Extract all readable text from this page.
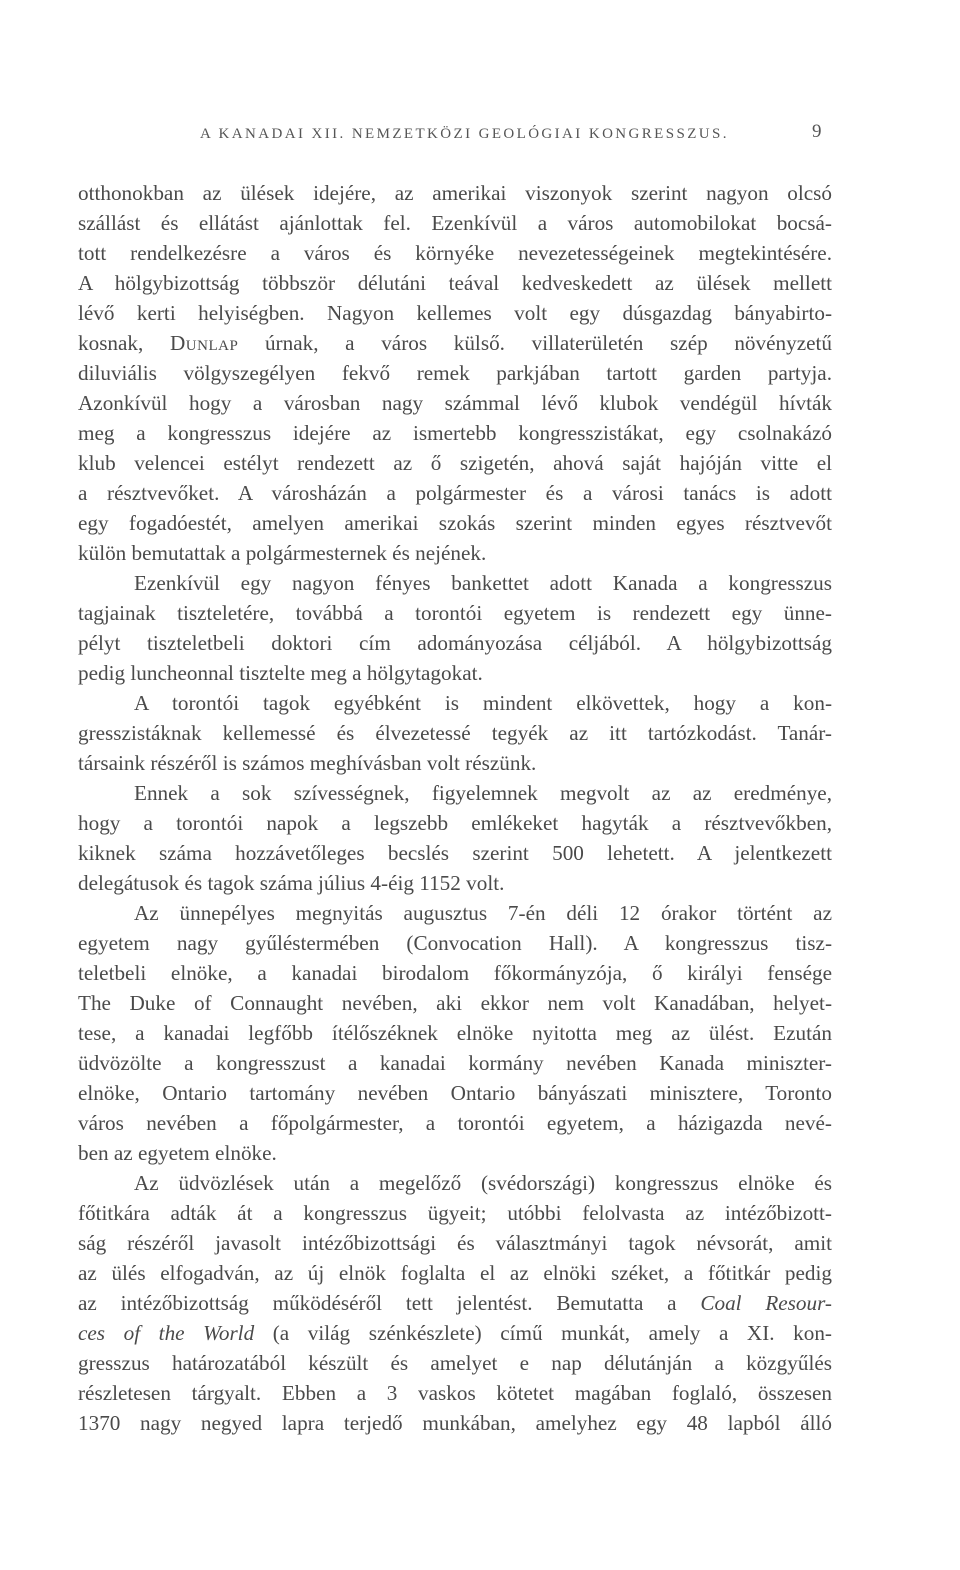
A KANADAI XII. NEMZETKÖZI GEOLÓGIAI KONGRESSZUS.	9
otthonokban az ülések idejére, az amerikai viszonyok szerint nagyon olcsó
szállást és ellátást ajánlottak fel. Ezenkívül a város automobilokat bocsá-
tott rendelkezésre a város és környéke nevezetességeinek megtekintésére.
A hölgybizottság többször délutáni teával kedveskedett az ülések mellett
lévő kerti helyiségben. Nagyon kellemes volt egy dúsgazdag bányabirto-
kosnak, Dunlap úrnak, a város külső. villaterületén szép növényzetű
diluviális völgyszegélyen fekvő remek parkjában tartott garden partyja.
Azonkívül hogy a városban nagy számmal lévő klubok vendégül hívták
meg a kongresszus idejére az ismertebb kongresszistákat, egy csolnakázó
klub velencei estélyt rendezett az ő szigetén, ahová saját hajóján vitte el
a résztvevőket. A városházán a polgármester és a városi tanács is adott
egy fogadóestét, amelyen amerikai szokás szerint minden egyes résztvevőt
külön bemutattak a polgármesternek és nejének.
Ezenkívül egy nagyon fényes bankettet adott Kanada a kongresszus
tagjainak tiszteletére, továbbá a torontói egyetem is rendezett egy ünne-
pélyt tiszteletbeli doktori cím adományozása céljából. A hölgybizottság
pedig luncheonnal tisztelte meg a hölgytagokat.
A torontói tagok egyébként is mindent elkövettek, hogy a kon-
gresszistáknak kellemessé és élvezetessé tegyék az itt tartózkodást. Tanár-
társaink részéről is számos meghívásban volt részünk.
Ennek a sok szívességnek, figyelemnek megvolt az az eredménye,
hogy a torontói napok a legszebb emlékeket hagyták a résztvevőkben,
kiknek száma hozzávetőleges becslés szerint 500 lehetett. A jelentkezett
delegátusok és tagok száma július 4-éig 1152 volt.
Az ünnepélyes megnyitás augusztus 7-én déli 12 órakor történt az
egyetem nagy gyűléstermében (Convocation Hall). A kongresszus tisz-
teletbeli elnöke, a kanadai birodalom főkormányzója, ő királyi fensége
The Duke of Connaught nevében, aki ekkor nem volt Kanadában, helyet-
tese, a kanadai legfőbb ítélőszéknek elnöke nyitotta meg az ülést. Ezután
üdvözölte a kongresszust a kanadai kormány nevében Kanada miniszter-
elnöke, Ontario tartomány nevében Ontario bányászati minisztere, Toronto
város nevében a főpolgármester, a torontói egyetem, a házigazda nevé-
ben az egyetem elnöke.
Az üdvözlések után a megelőző (svédországi) kongresszus elnöke és
főtitkára adták át a kongresszus ügyeit; utóbbi felolvasta az intézőbizott-
ság részéről javasolt intézőbizottsági és választmányi tagok névsorát, amit
az ülés elfogadván, az új elnök foglalta el az elnöki széket, a főtitkár pedig
az intézőbizottság működéséről tett jelentést. Bemutatta a Coal Resour-
ces of the World (a világ szénkészlete) című munkát, amely a XI. kon-
gresszus határozatából készült és amelyet e nap délutánján a közgyűlés
részletesen tárgyalt. Ebben a 3 vaskos kötetet magában foglaló, összesen
1370 nagy negyed lapra terjedő munkában, amelyhez egy 48 lapból álló
